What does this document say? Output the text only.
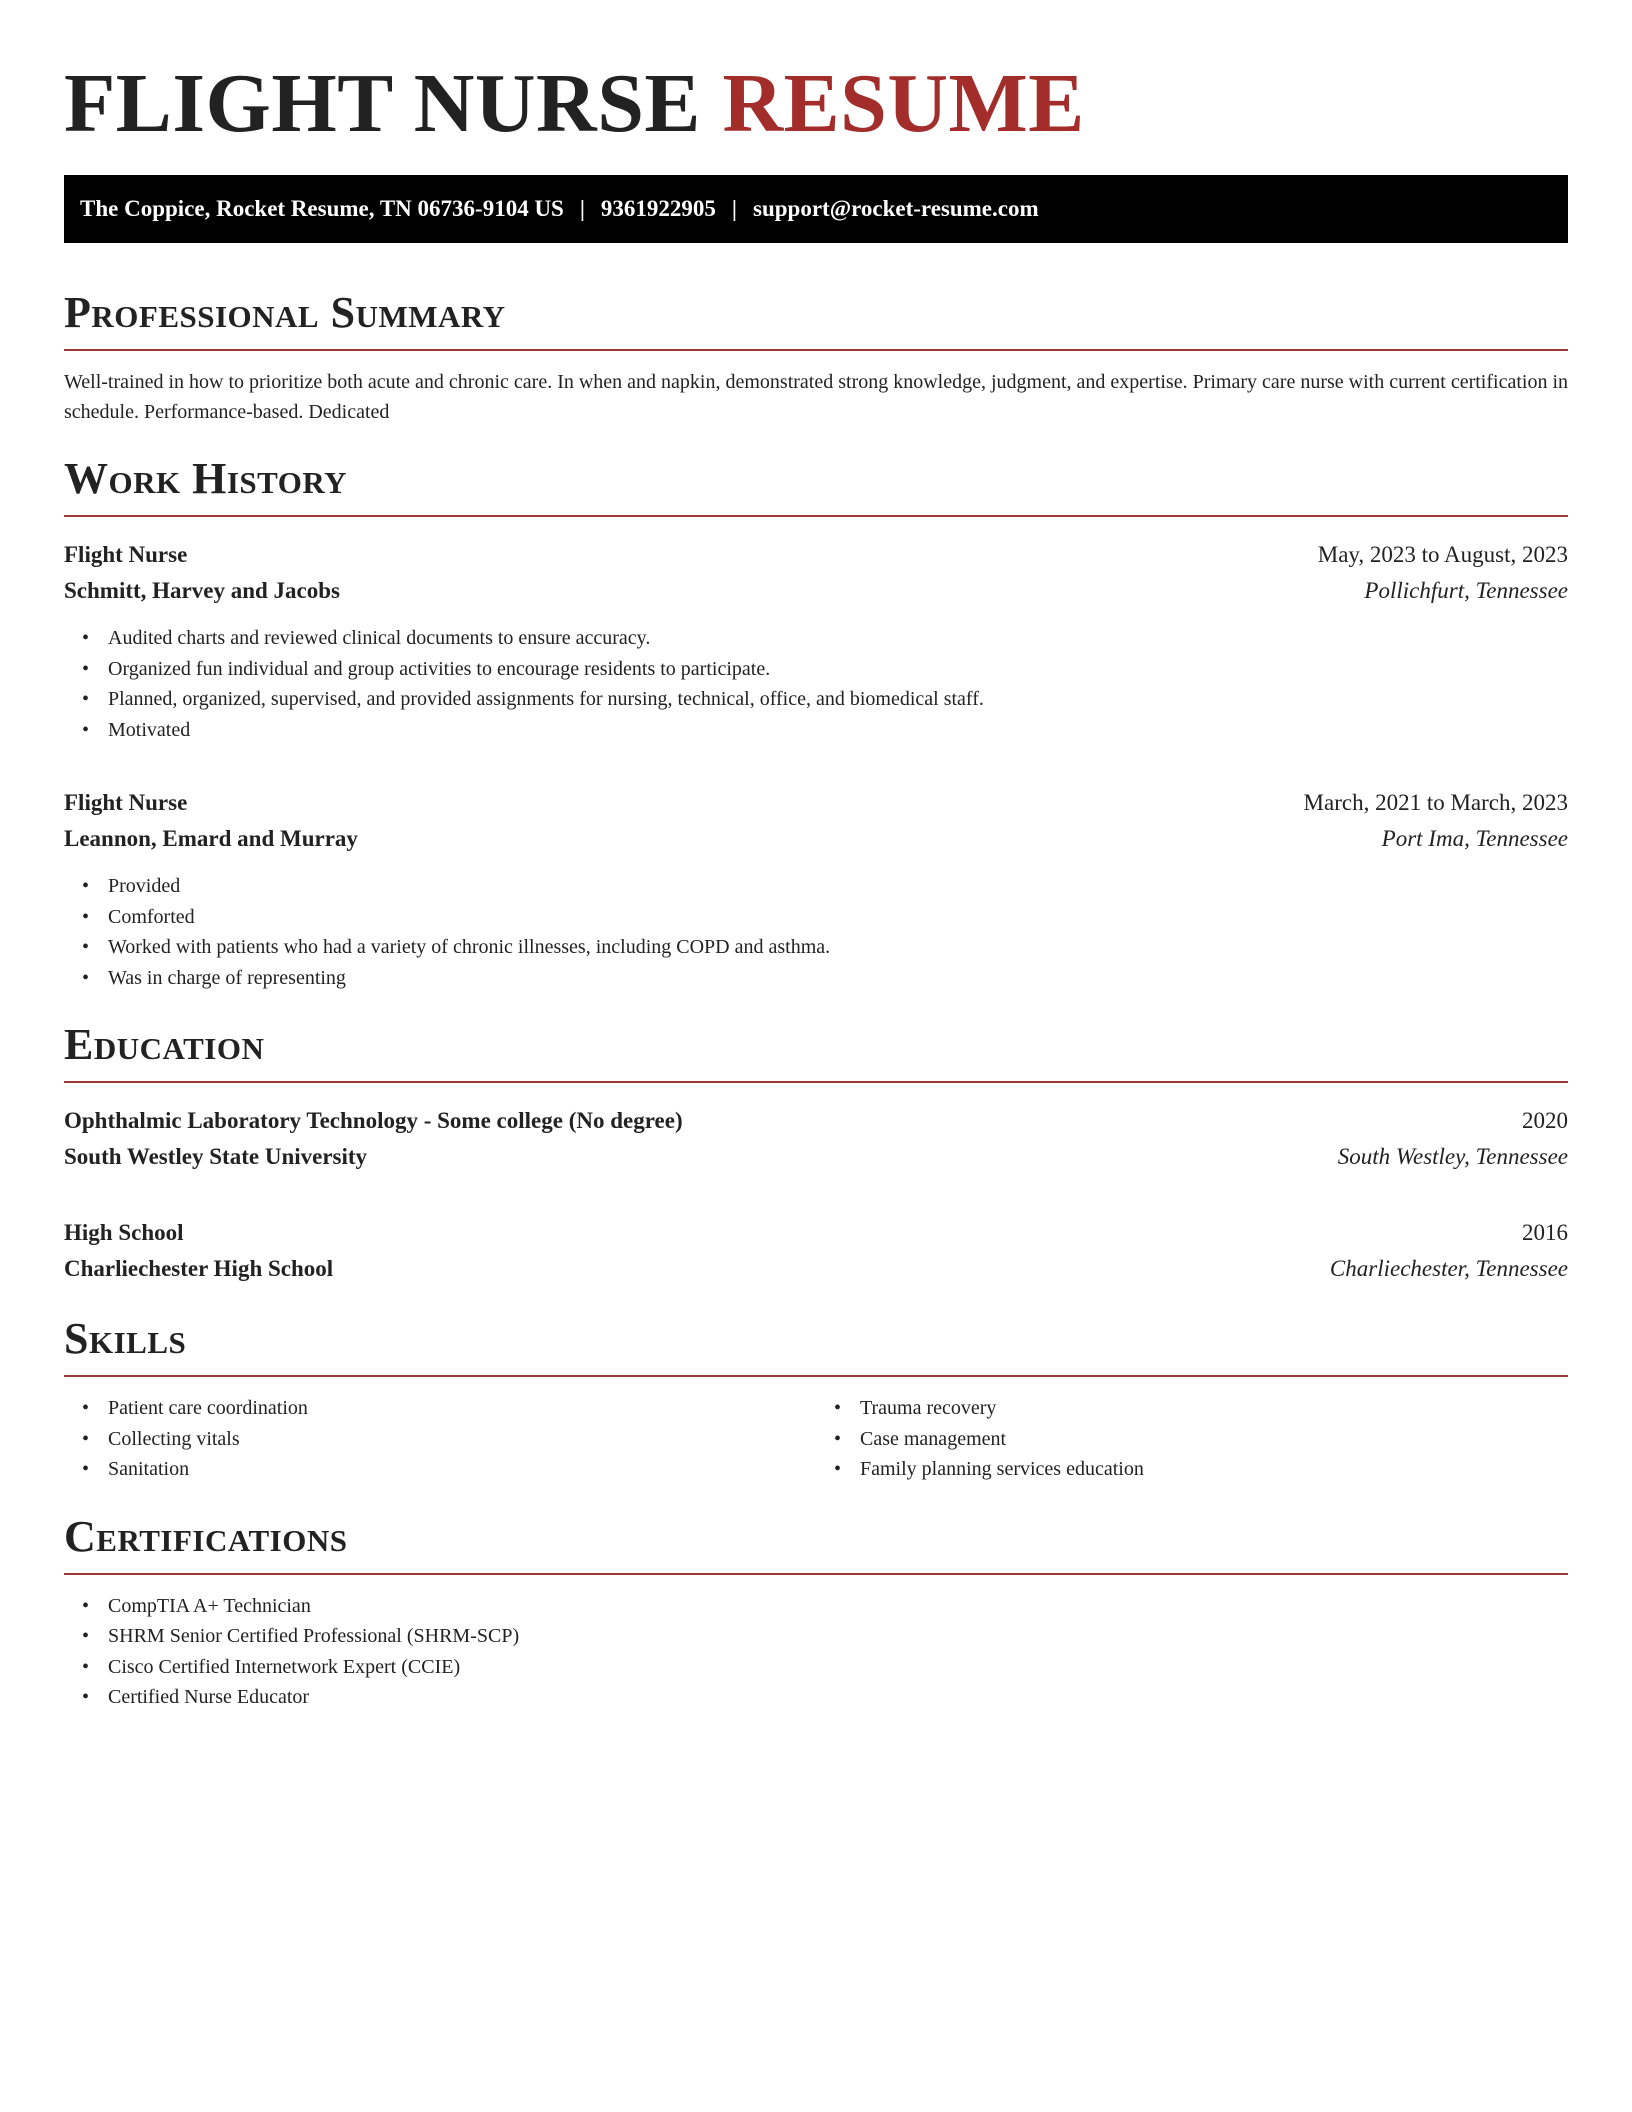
FLIGHT NURSE RESUME
The Coppice, Rocket Resume, TN 06736-9104 US | 9361922905 | support@rocket-resume.com
Professional Summary

Well-trained in how to prioritize both acute and chronic care. In when and napkin, demonstrated strong knowledge, judgment, and expertise. Primary care nurse with current certification in schedule. Performance-based. Dedicated

Work History
Flight Nurse	May, 2023 to August, 2023
Schmitt, Harvey and Jacobs	Pollichfurt, Tennessee
• Audited charts and reviewed clinical documents to ensure accuracy.
• Organized fun individual and group activities to encourage residents to participate.
• Planned, organized, supervised, and provided assignments for nursing, technical, office, and biomedical staff.
• Motivated
Flight Nurse	March, 2021 to March, 2023
Leannon, Emard and Murray	Port Ima, Tennessee
• Provided
• Comforted
• Worked with patients who had a variety of chronic illnesses, including COPD and asthma.
• Was in charge of representing
Education
Ophthalmic Laboratory Technology - Some college (No degree)	2020
South Westley State University	South Westley, Tennessee
High School	2016
Charliechester High School	Charliechester, Tennessee
Skills
• Patient care coordination
• Collecting vitals
• Sanitation
• Trauma recovery
• Case management
• Family planning services education
Certifications
• CompTIA A+ Technician
• SHRM Senior Certified Professional (SHRM-SCP)
• Cisco Certified Internetwork Expert (CCIE)
• Certified Nurse Educator
